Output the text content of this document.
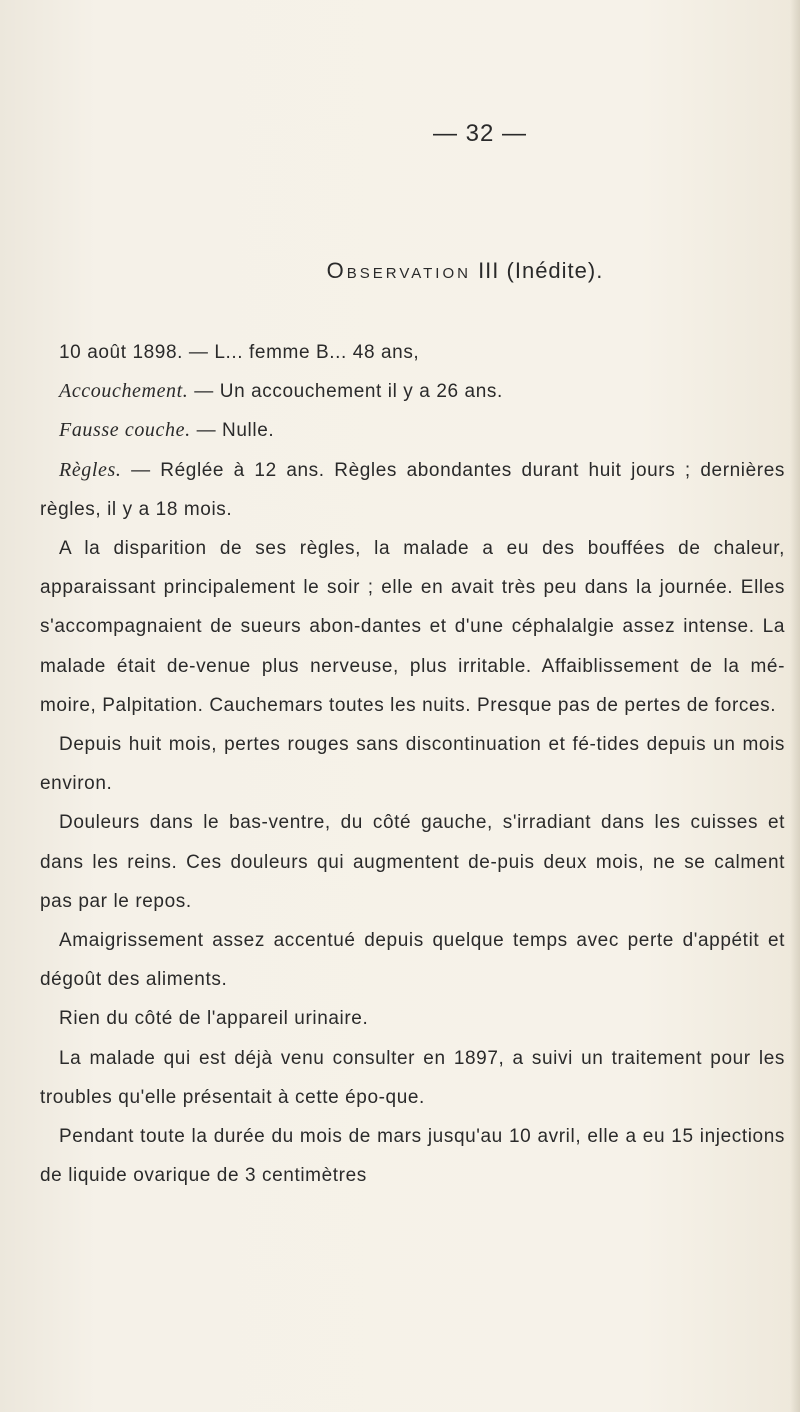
— 32 —
Observation III (Inédite).

10 août 1898. — L... femme B... 48 ans,

Accouchement. — Un accouchement il y a 26 ans.

Fausse couche. — Nulle.

Règles. — Réglée à 12 ans. Règles abondantes durant huit jours ; dernières règles, il y a 18 mois.

A la disparition de ses règles, la malade a eu des bouffées de chaleur, apparaissant principalement le soir ; elle en avait très peu dans la journée. Elles s'accompagnaient de sueurs abon-dantes et d'une céphalalgie assez intense. La malade était de-venue plus nerveuse, plus irritable. Affaiblissement de la mé-moire, Palpitation. Cauchemars toutes les nuits. Presque pas de pertes de forces.

Depuis huit mois, pertes rouges sans discontinuation et fé-tides depuis un mois environ.

Douleurs dans le bas-ventre, du côté gauche, s'irradiant dans les cuisses et dans les reins. Ces douleurs qui augmentent de-puis deux mois, ne se calment pas par le repos.

Amaigrissement assez accentué depuis quelque temps avec perte d'appétit et dégoût des aliments.

Rien du côté de l'appareil urinaire.

La malade qui est déjà venu consulter en 1897, a suivi un traitement pour les troubles qu'elle présentait à cette épo-que.

Pendant toute la durée du mois de mars jusqu'au 10 avril, elle a eu 15 injections de liquide ovarique de 3 centimètres
